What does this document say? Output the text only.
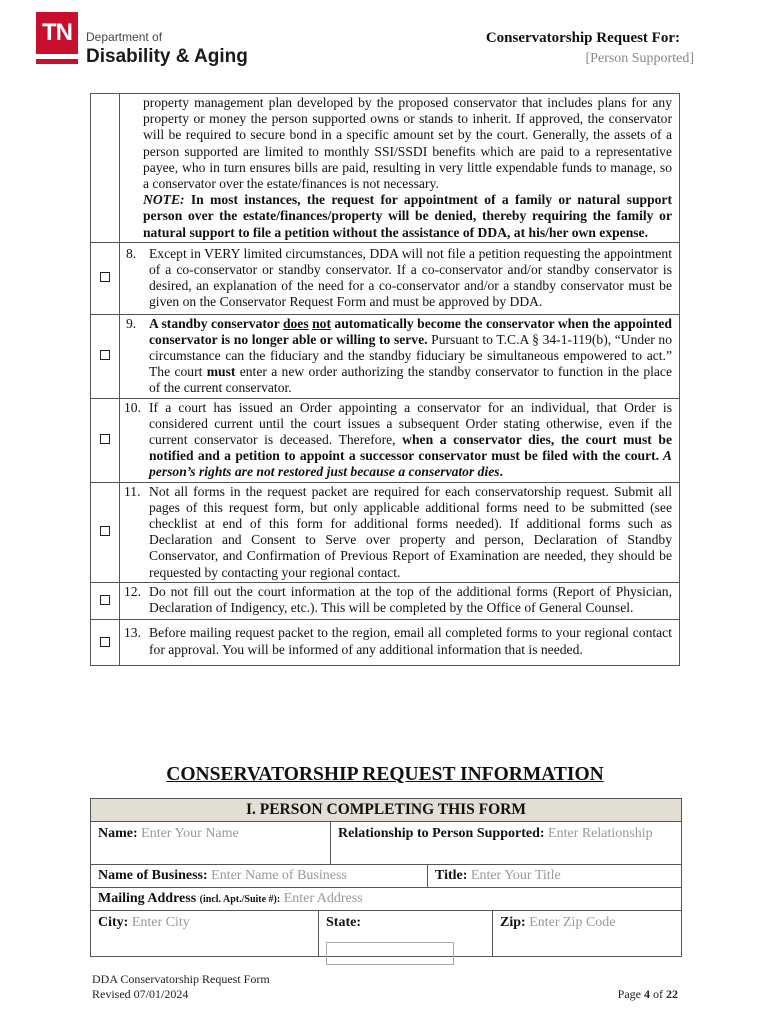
TN	Department of
Disability & Aging
Conservatorship Request For:
[Person Supported]

	property management plan developed by the proposed conservator that includes plans for any property or money the person supported owns or stands to inherit. If approved, the conservator will be required to secure bond in a specific amount set by the court. Generally, the assets of a person supported are limited to monthly SSI/SSDI benefits which are paid to a representative payee, who in turn ensures bills are paid, resulting in very little expendable funds to manage, so a conservator over the estate/finances is not necessary.

NOTE: In most instances, the request for appointment of a family or natural support person over the estate/finances/property will be denied, thereby requiring the family or natural support to file a petition without the assistance of DDA, at his/her own expense.

	8. Except in VERY limited circumstances, DDA will not file a petition requesting the appointment of a co-conservator or standby conservator. If a co-conservator and/or standby conservator is desired, an explanation of the need for a co-conservator and/or a standby conservator must be given on the Conservator Request Form and must be approved by DDA.

	9. A standby conservator does not automatically become the conservator when the appointed conservator is no longer able or willing to serve. Pursuant to T.C.A § 34-1-119(b), “Under no circumstance can the fiduciary and the standby fiduciary be simultaneous empowered to act.” The court must enter a new order authorizing the standby conservator to function in the place of the current conservator.

	10. If a court has issued an Order appointing a conservator for an individual, that Order is considered current until the court issues a subsequent Order stating otherwise, even if the current conservator is deceased. Therefore, when a conservator dies, the court must be notified and a petition to appoint a successor conservator must be filed with the court. A person’s rights are not restored just because a conservator dies.

	11. Not all forms in the request packet are required for each conservatorship request. Submit all pages of this request form, but only applicable additional forms need to be submitted (see checklist at end of this form for additional forms needed). If additional forms such as Declaration and Consent to Serve over property and person, Declaration of Standby Conservator, and Confirmation of Previous Report of Examination are needed, they should be requested by contacting your regional contact.

	12. Do not fill out the court information at the top of the additional forms (Report of Physician, Declaration of Indigency, etc.). This will be completed by the Office of General Counsel.

	13. Before mailing request packet to the region, email all completed forms to your regional contact for approval. You will be informed of any additional information that is needed.
CONSERVATORSHIP REQUEST INFORMATION
I. PERSON COMPLETING THIS FORM
Name: Enter Your Name	Relationship to Person Supported: Enter Relationship
Name of Business: Enter Name of Business	Title: Enter Your Title
Mailing Address (incl. Apt./Suite #): Enter Address
City: Enter City	State:	Zip: Enter Zip Code
DDA Conservatorship Request Form
Revised 07/01/2024	Page 4 of 22
